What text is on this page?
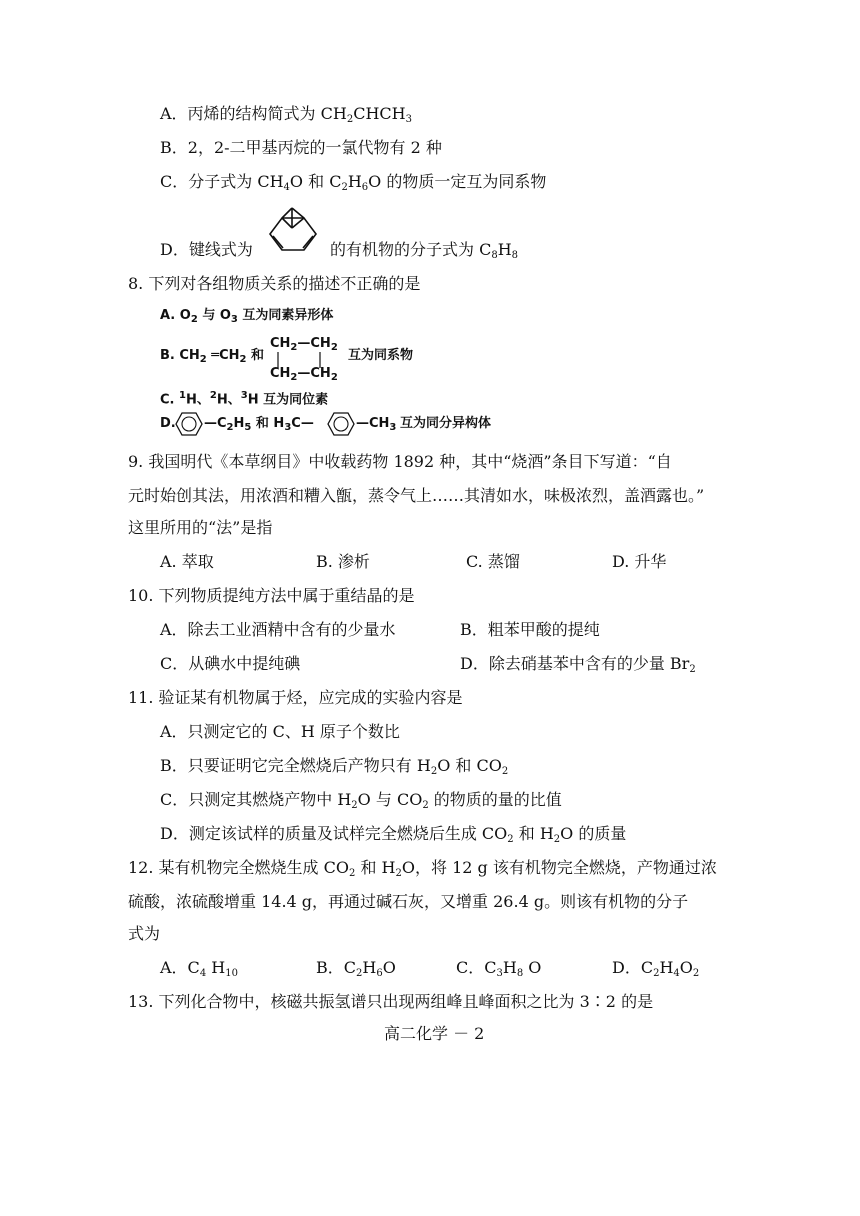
A．丙烯的结构简式为 $CH_2CHCH_3$
B．2，2-二甲基丙烷的一氯代物有 2 种
C．分子式为 $CH_4O$ 和 $C_2H_6O$ 的物质一定互为同系物
D．键线式为	的有机物的分子式为 $C_8H_8$
8. 下列对各组物质关系的描述不正确的是
A. $O_2$ 与 $O_3$ 互为同素异形体
B. $CH_2$ $═CH_2$ 和
$CH_2—CH_2$
$CH_2—CH_2$
互为同系物
C. $^1$H、$^2$H、$^3$H 互为同位素
D. $—C_2H_5$ 和 $H_3C—$	$—CH_3$ 互为同分异构体
9. 我国明代《本草纲目》中收载药物 1892 种，其中“烧酒”条目下写道：“自
元时始创其法，用浓酒和糟入甑，蒸令气上……其清如水，味极浓烈，盖酒露也。”
这里所用的“法”是指
A. 萃取	B. 渗析	C. 蒸馏	D. 升华
10. 下列物质提纯方法中属于重结晶的是
A．除去工业酒精中含有的少量水	B．粗苯甲酸的提纯
C．从碘水中提纯碘	D．除去硝基苯中含有的少量 $Br_2$
11. 验证某有机物属于烃，应完成的实验内容是
A．只测定它的 C、H 原子个数比
B．只要证明它完全燃烧后产物只有 $H_2O$ 和 $CO_2$
C．只测定其燃烧产物中 $H_2O$ 与 $CO_2$ 的物质的量的比值
D．测定该试样的质量及试样完全燃烧后生成 $CO_2$ 和 $H_2O$ 的质量
12. 某有机物完全燃烧生成 $CO_2$ 和 $H_2O$，将 12 g 该有机物完全燃烧，产物通过浓
硫酸，浓硫酸增重 14.4 g，再通过碱石灰，又增重 26.4 g。则该有机物的分子
式为
A．$C_4$ $H_{10}$	B．$C_2H_6O$	C．$C_3H_8$ O	D．$C_2H_4O_2$
13. 下列化合物中，核磁共振氢谱只出现两组峰且峰面积之比为 3∶2 的是
高二化学 － 2
